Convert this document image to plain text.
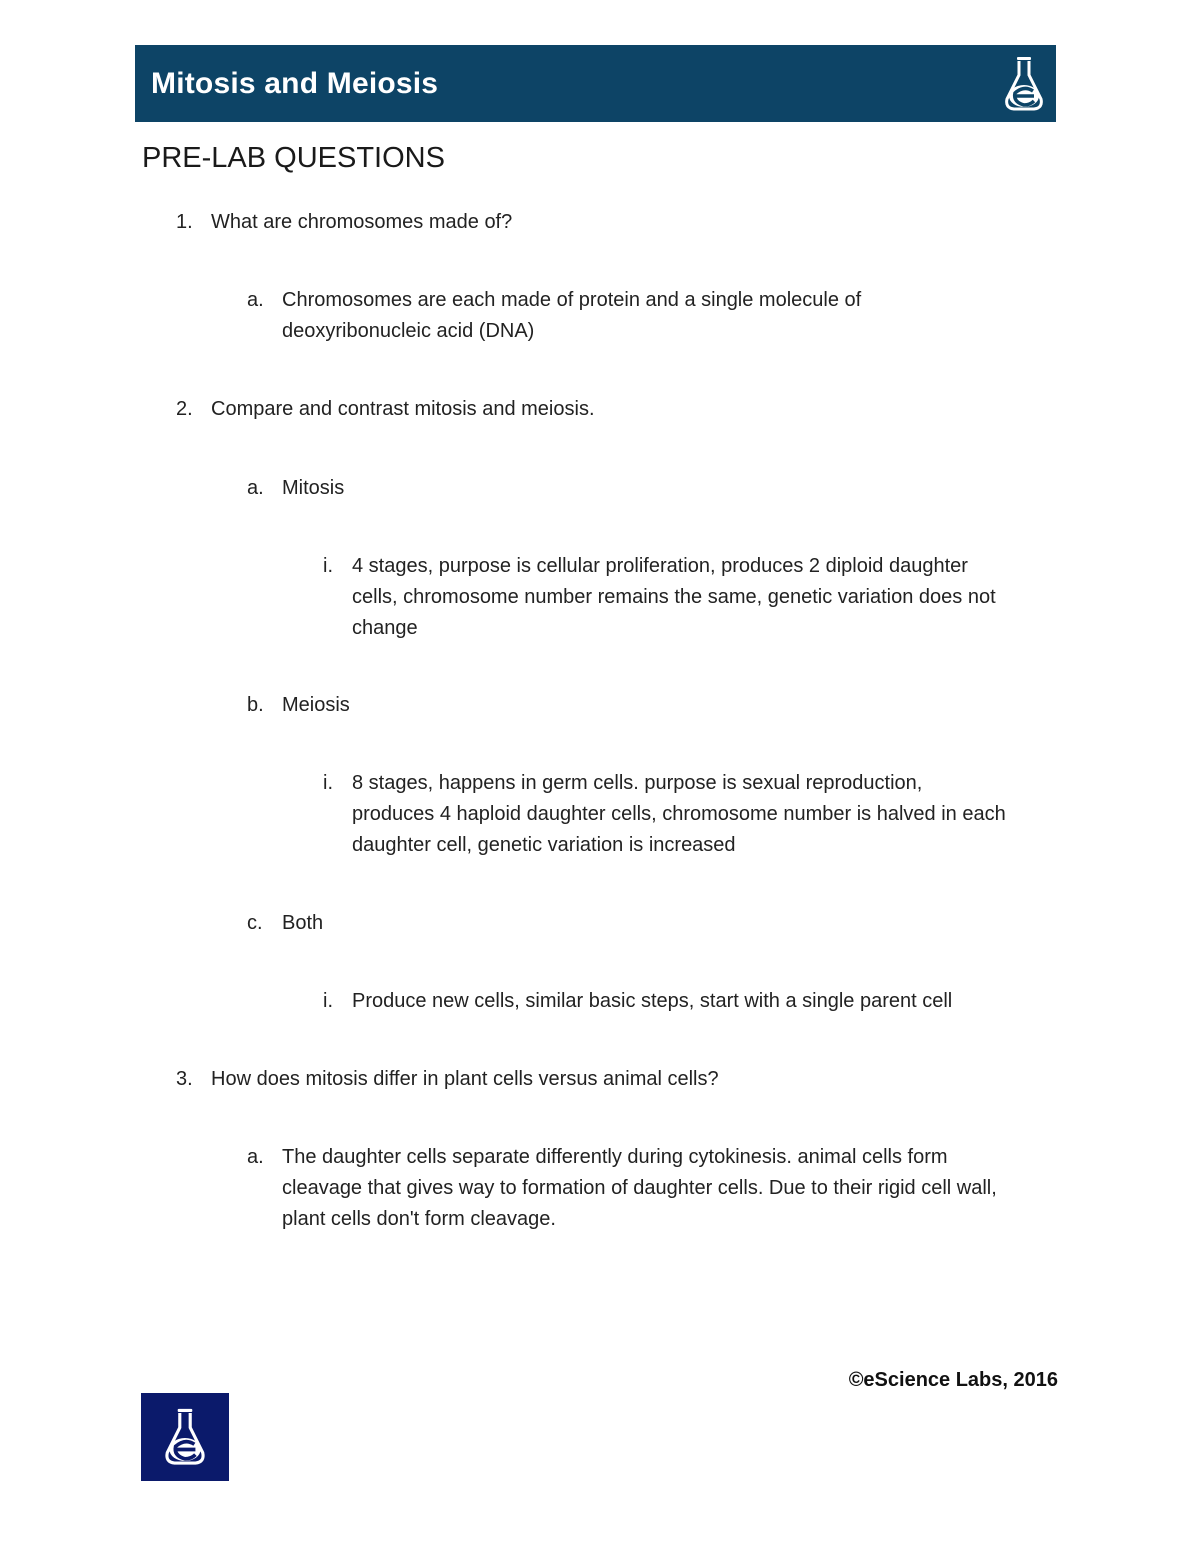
Mitosis and Meiosis
PRE-LAB QUESTIONS
1. What are chromosomes made of?
a. Chromosomes are each made of protein and a single molecule of
deoxyribonucleic acid (DNA)
2. Compare and contrast mitosis and meiosis.
a. Mitosis
i. 4 stages, purpose is cellular proliferation, produces 2 diploid daughter
cells, chromosome number remains the same, genetic variation does not
change
b. Meiosis
i. 8 stages, happens in germ cells. purpose is sexual reproduction,
produces 4 haploid daughter cells, chromosome number is halved in each
daughter cell, genetic variation is increased
c. Both
i. Produce new cells, similar basic steps, start with a single parent cell
3. How does mitosis differ in plant cells versus animal cells?
a. The daughter cells separate differently during cytokinesis. animal cells form
cleavage that gives way to formation of daughter cells. Due to their rigid cell wall,
plant cells don't form cleavage.
©eScience Labs, 2016
